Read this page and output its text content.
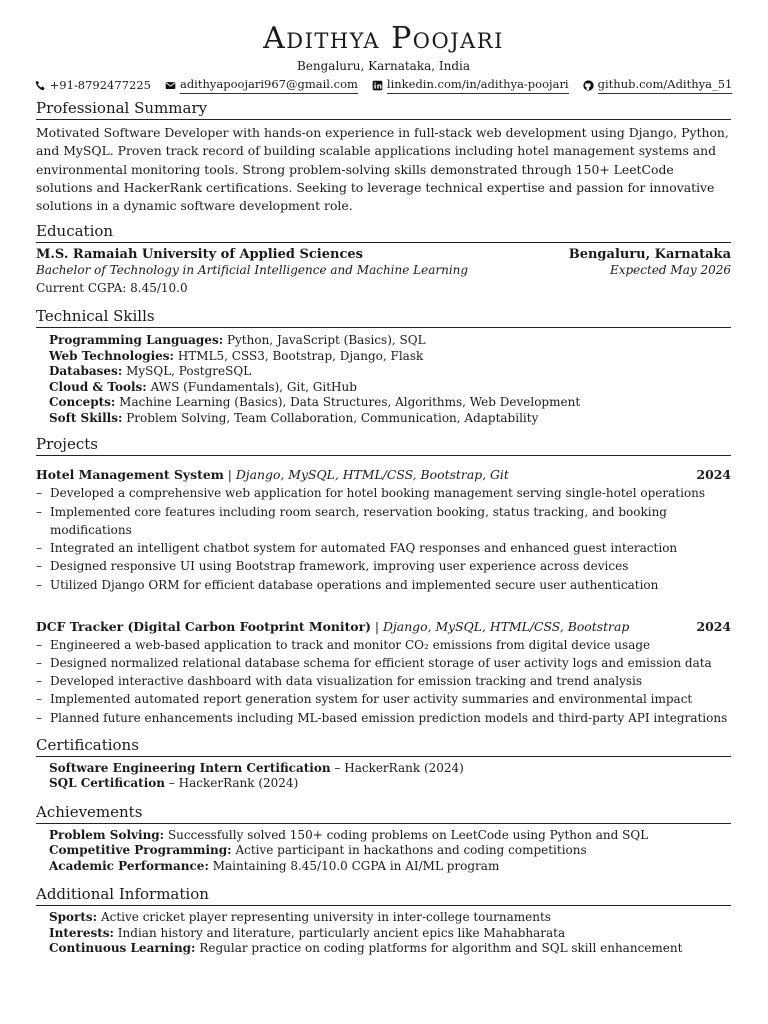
Adithya Poojari
Bengaluru, Karnataka, India
+91-8792477225	adithyapoojari967@gmail.com	linkedin.com/in/adithya-poojari	github.com/Adithya_51
Professional Summary
Motivated Software Developer with hands-on experience in full-stack web development using Django, Python, and MySQL. Proven track record of building scalable applications including hotel management systems and environmental monitoring tools. Strong problem-solving skills demonstrated through 150+ LeetCode solutions and HackerRank certifications. Seeking to leverage technical expertise and passion for innovative solutions in a dynamic software development role.
Education
M.S. Ramaiah University of Applied Sciences	Bengaluru, Karnataka
Bachelor of Technology in Artificial Intelligence and Machine Learning	Expected May 2026
Current CGPA: 8.45/10.0
Technical Skills
Programming Languages: Python, JavaScript (Basics), SQL
Web Technologies: HTML5, CSS3, Bootstrap, Django, Flask
Databases: MySQL, PostgreSQL
Cloud & Tools: AWS (Fundamentals), Git, GitHub
Concepts: Machine Learning (Basics), Data Structures, Algorithms, Web Development
Soft Skills: Problem Solving, Team Collaboration, Communication, Adaptability
Projects
Hotel Management System | Django, MySQL, HTML/CSS, Bootstrap, Git	2024
– Developed a comprehensive web application for hotel booking management serving single-hotel operations
– Implemented core features including room search, reservation booking, status tracking, and booking modifications
– Integrated an intelligent chatbot system for automated FAQ responses and enhanced guest interaction
– Designed responsive UI using Bootstrap framework, improving user experience across devices
– Utilized Django ORM for efficient database operations and implemented secure user authentication
DCF Tracker (Digital Carbon Footprint Monitor) | Django, MySQL, HTML/CSS, Bootstrap	2024
– Engineered a web-based application to track and monitor CO₂ emissions from digital device usage
– Designed normalized relational database schema for efficient storage of user activity logs and emission data
– Developed interactive dashboard with data visualization for emission tracking and trend analysis
– Implemented automated report generation system for user activity summaries and environmental impact
– Planned future enhancements including ML-based emission prediction models and third-party API integrations
Certifications
Software Engineering Intern Certification – HackerRank (2024)
SQL Certification – HackerRank (2024)
Achievements
Problem Solving: Successfully solved 150+ coding problems on LeetCode using Python and SQL
Competitive Programming: Active participant in hackathons and coding competitions
Academic Performance: Maintaining 8.45/10.0 CGPA in AI/ML program
Additional Information
Sports: Active cricket player representing university in inter-college tournaments
Interests: Indian history and literature, particularly ancient epics like Mahabharata
Continuous Learning: Regular practice on coding platforms for algorithm and SQL skill enhancement
